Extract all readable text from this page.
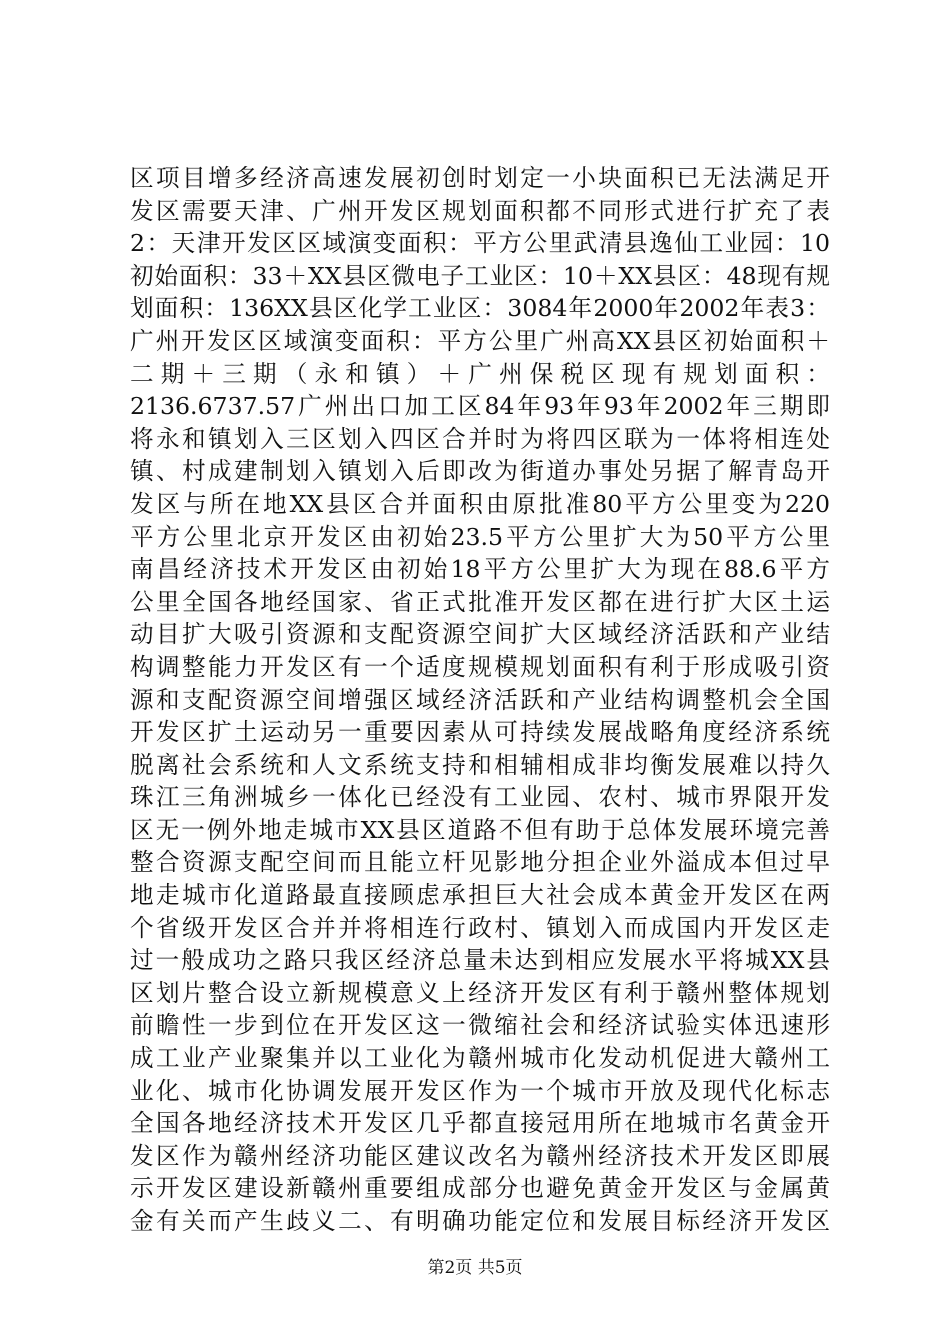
区项目增多经济高速发展初创时划定一小块面积已无法满足开
发区需要天津、广州开发区规划面积都不同形式进行扩充了表
2：天津开发区区域演变面积：平方公里武清县逸仙工业园：10
初始面积：33＋XX县区微电子工业区：10＋XX县区：48现有规
划面积：136XX县区化学工业区：3084年2000年2002年表3：
广州开发区区域演变面积：平方公里广州高XX县区初始面积＋
二期＋三期（永和镇）＋广州保税区现有规划面积：
2136.6737.57广州出口加工区84年93年93年2002年三期即
将永和镇划入三区划入四区合并时为将四区联为一体将相连处
镇、村成建制划入镇划入后即改为街道办事处另据了解青岛开
发区与所在地XX县区合并面积由原批准80平方公里变为220
平方公里北京开发区由初始23.5平方公里扩大为50平方公里
南昌经济技术开发区由初始18平方公里扩大为现在88.6平方
公里全国各地经国家、省正式批准开发区都在进行扩大区土运
动目扩大吸引资源和支配资源空间扩大区域经济活跃和产业结
构调整能力开发区有一个适度规模规划面积有利于形成吸引资
源和支配资源空间增强区域经济活跃和产业结构调整机会全国
开发区扩土运动另一重要因素从可持续发展战略角度经济系统
脱离社会系统和人文系统支持和相辅相成非均衡发展难以持久
珠江三角洲城乡一体化已经没有工业园、农村、城市界限开发
区无一例外地走城市XX县区道路不但有助于总体发展环境完善
整合资源支配空间而且能立杆见影地分担企业外溢成本但过早
地走城市化道路最直接顾虑承担巨大社会成本黄金开发区在两
个省级开发区合并并将相连行政村、镇划入而成国内开发区走
过一般成功之路只我区经济总量未达到相应发展水平将城XX县
区划片整合设立新规模意义上经济开发区有利于赣州整体规划
前瞻性一步到位在开发区这一微缩社会和经济试验实体迅速形
成工业产业聚集并以工业化为赣州城市化发动机促进大赣州工
业化、城市化协调发展开发区作为一个城市开放及现代化标志
全国各地经济技术开发区几乎都直接冠用所在地城市名黄金开
发区作为赣州经济功能区建议改名为赣州经济技术开发区即展
示开发区建设新赣州重要组成部分也避免黄金开发区与金属黄
金有关而产生歧义二、有明确功能定位和发展目标经济开发区
第2页 共5页
